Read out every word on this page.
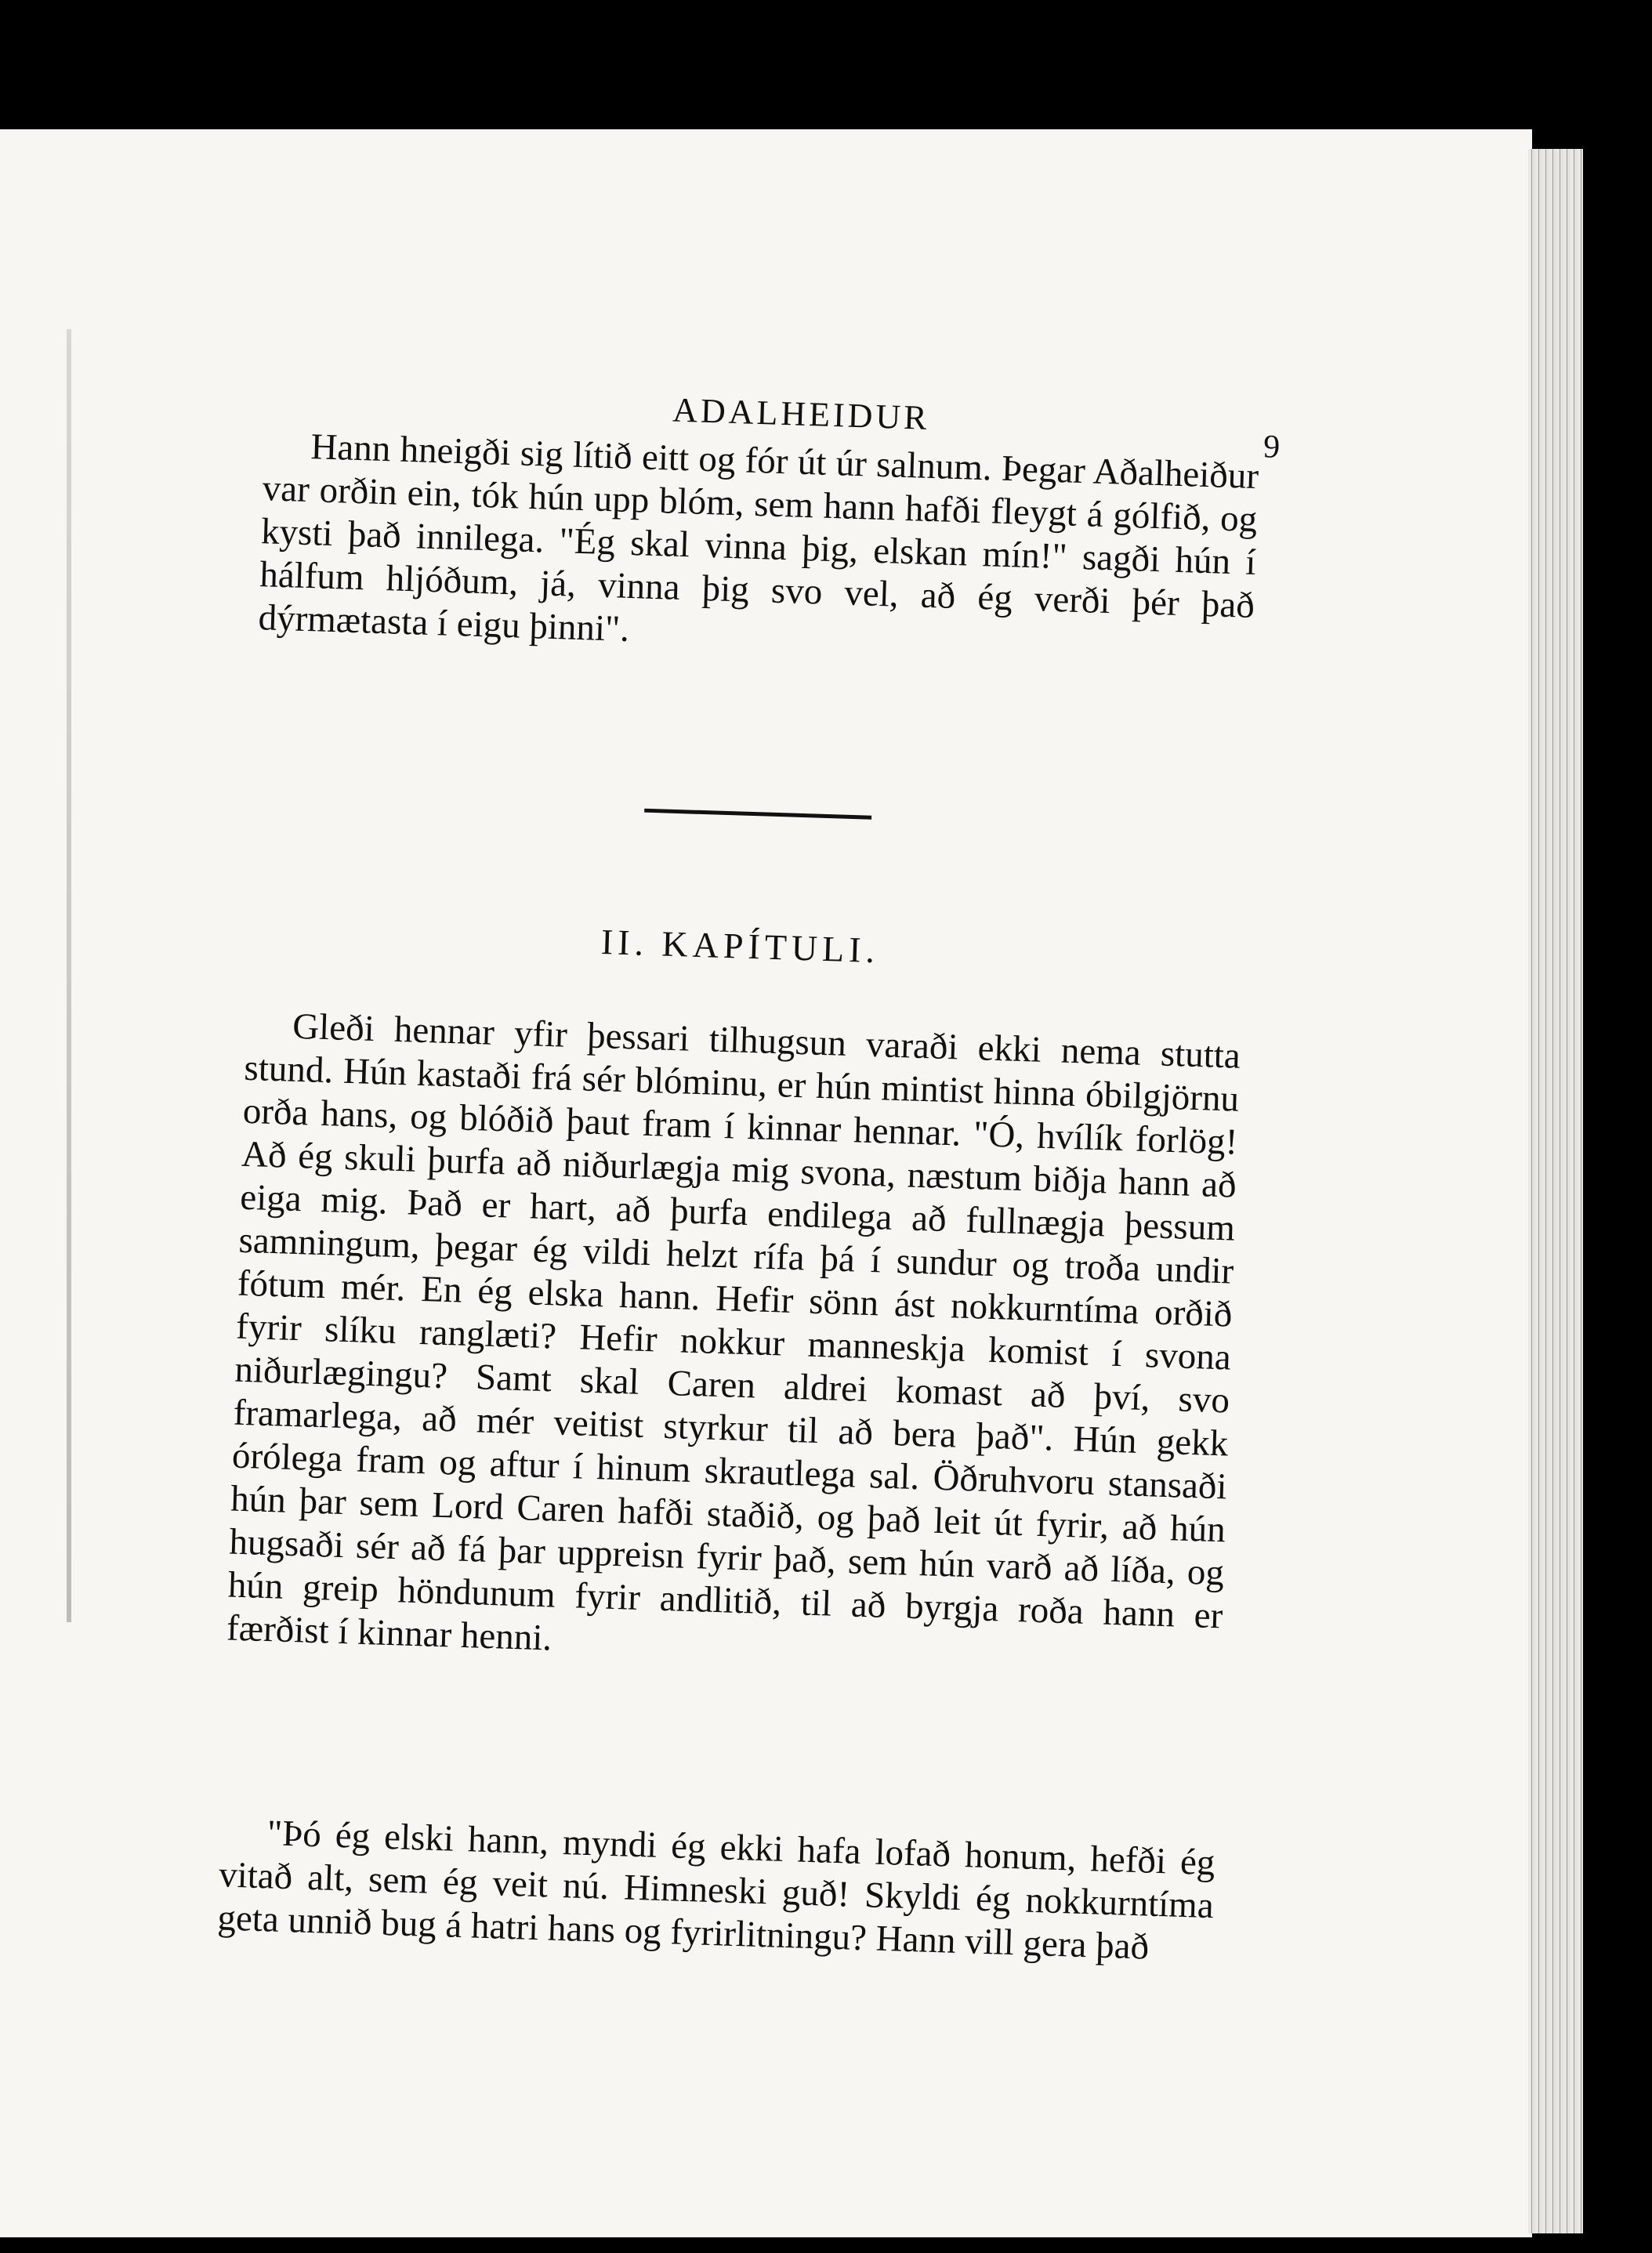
ADALHEIDUR
9

Hann hneigði sig lítið eitt og fór út úr salnum. Þegar Aðalheiður var orðin ein, tók hún upp blóm, sem hann hafði fleygt á gólfið, og kysti það innilega. "Ég skal vinna þig, elskan mín!" sagði hún í hálfum hljóðum, já, vinna þig svo vel, að ég verði þér það dýrmætasta í eigu þinni".

II. KAPÍTULI.

Gleði hennar yfir þessari tilhugsun varaði ekki nema stutta stund. Hún kastaði frá sér blóminu, er hún mintist hinna óbilgjörnu orða hans, og blóðið þaut fram í kinnar hennar. "Ó, hvílík forlög! Að ég skuli þurfa að niðurlægja mig svona, næstum biðja hann að eiga mig. Það er hart, að þurfa endilega að fullnægja þessum samningum, þegar ég vildi helzt rífa þá í sundur og troða undir fótum mér. En ég elska hann. Hefir sönn ást nokkurntíma orðið fyrir slíku ranglæti? Hefir nokkur manneskja komist í svona niðurlægingu? Samt skal Caren aldrei komast að því, svo framarlega, að mér veitist styrkur til að bera það". Hún gekk órólega fram og aftur í hinum skrautlega sal. Öðruhvoru stansaði hún þar sem Lord Caren hafði staðið, og það leit út fyrir, að hún hugsaði sér að fá þar uppreisn fyrir það, sem hún varð að líða, og hún greip höndunum fyrir andlitið, til að byrgja roða hann er færðist í kinnar henni.

"Þó ég elski hann, myndi ég ekki hafa lofað honum, hefði ég vitað alt, sem ég veit nú. Himneski guð! Skyldi ég nokkurntíma geta unnið bug á hatri hans og fyrirlitningu? Hann vill gera það
